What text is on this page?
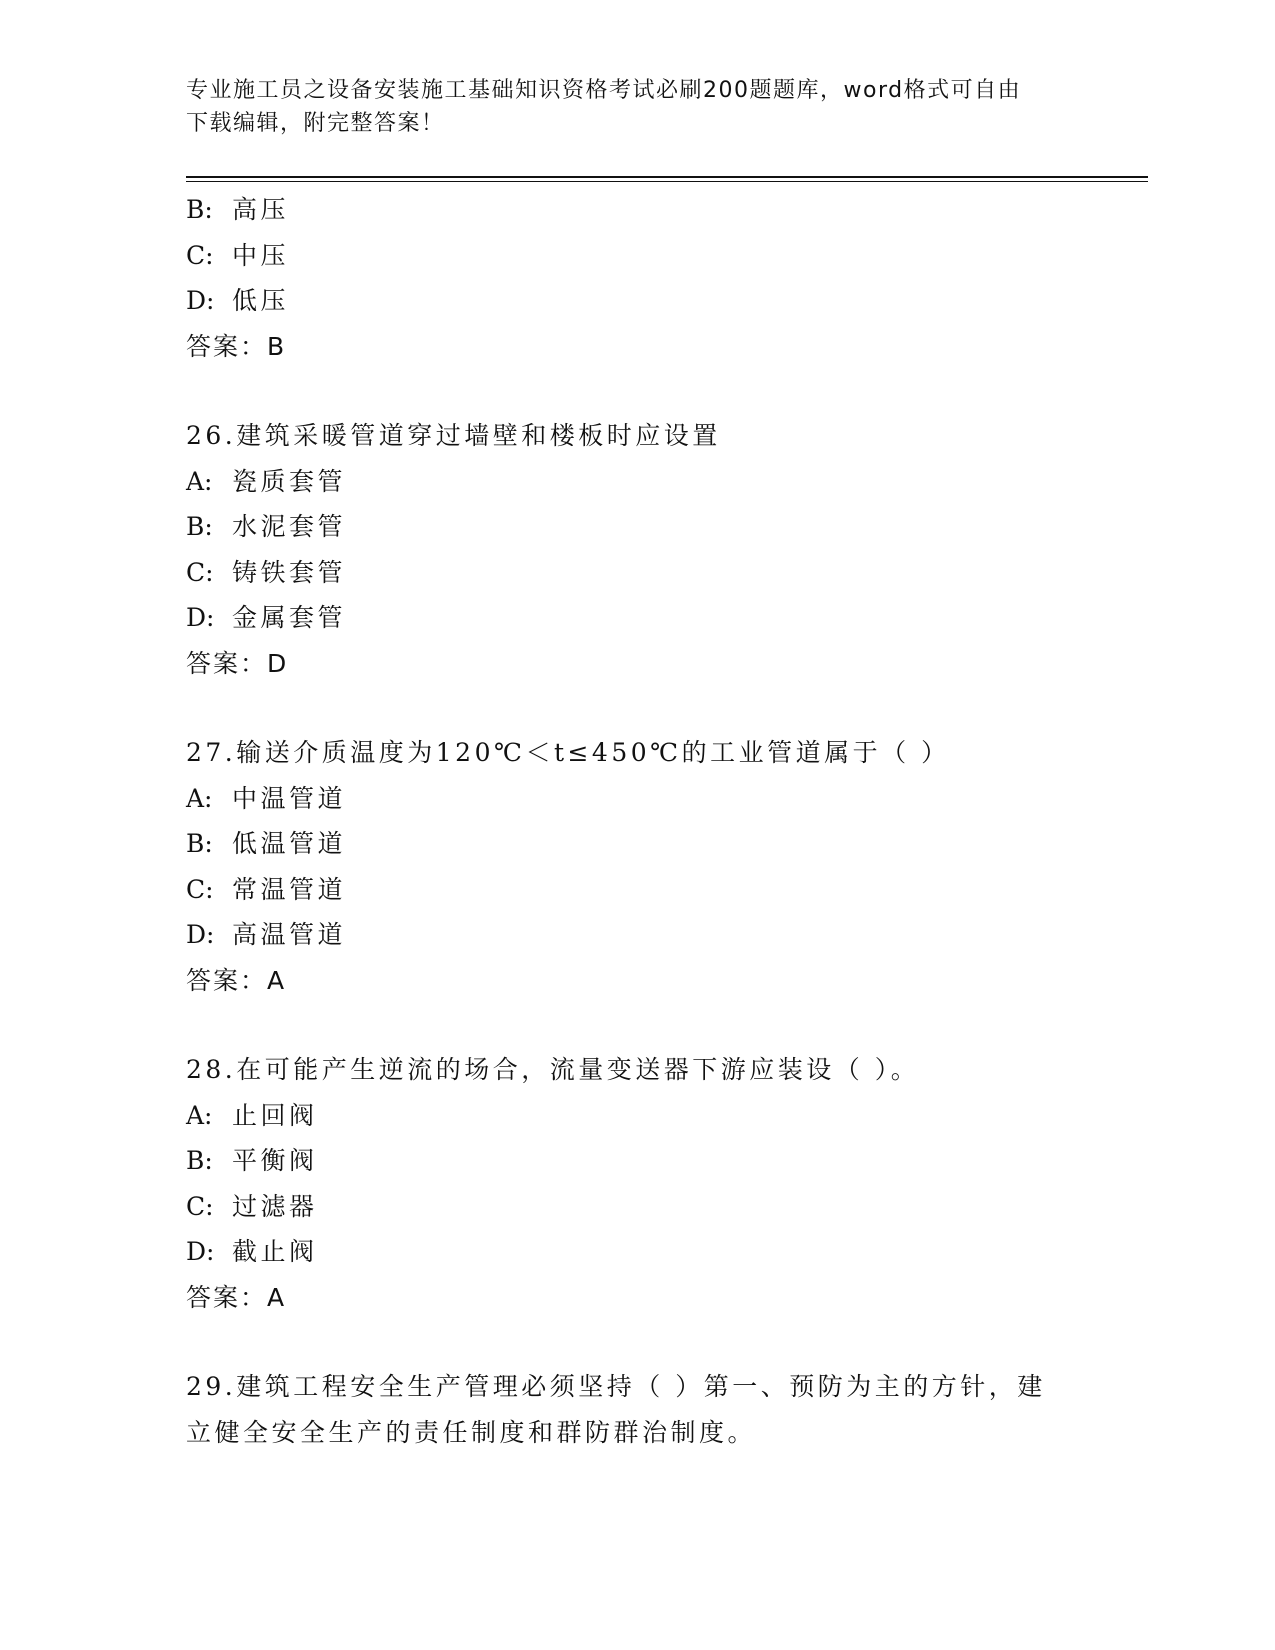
专业施工员之设备安装施工基础知识资格考试必刷200题题库，word格式可自由
下载编辑，附完整答案！
B: 高压
C: 中压
D: 低压
答案：B
26.建筑采暖管道穿过墙壁和楼板时应设置
A: 瓷质套管
B: 水泥套管
C: 铸铁套管
D: 金属套管
答案：D
27.输送介质温度为120℃＜t≤450℃的工业管道属于（ ）
A: 中温管道
B: 低温管道
C: 常温管道
D: 高温管道
答案：A
28.在可能产生逆流的场合，流量变送器下游应装设（ ）。
A: 止回阀
B: 平衡阀
C: 过滤器
D: 截止阀
答案：A
29.建筑工程安全生产管理必须坚持（ ）第一、预防为主的方针，建立健全安全生产的责任制度和群防群治制度。
